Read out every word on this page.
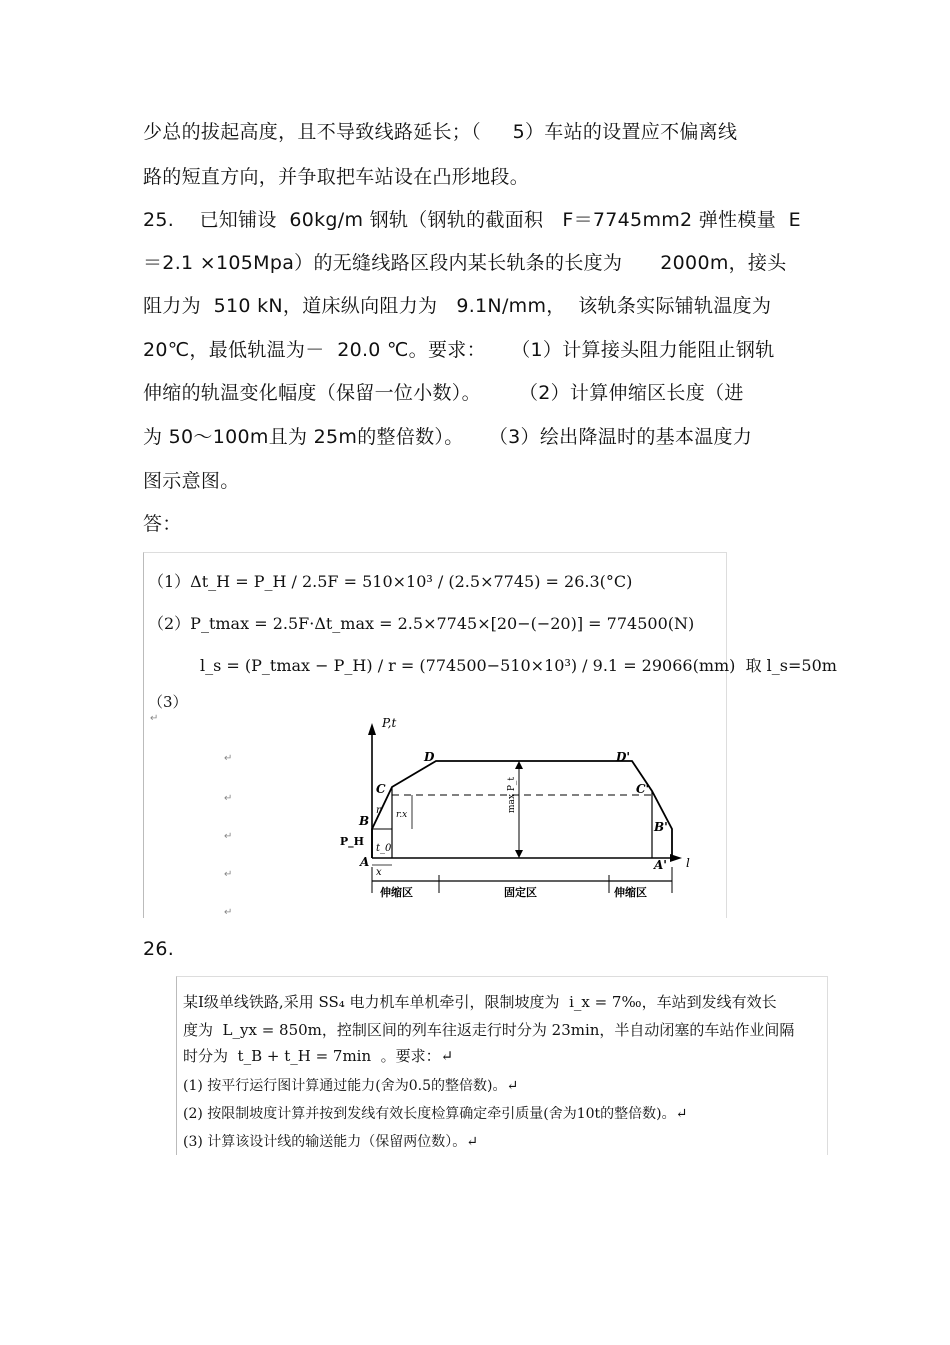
少总的拔起高度，且不导致线路延长；（     5）车站的设置应不偏离线
路的短直方向，并争取把车站设在凸形地段。
25.    已知铺设  60kg/m 钢轨（钢轨的截面积   F＝7745mm2 弹性模量  E
＝2.1 ×105Mpa）的无缝线路区段内某长轨条的长度为      2000m，接头
阻力为  510 kN，道床纵向阻力为   9.1N/mm，  该轨条实际铺轨温度为
20℃，最低轨温为－  20.0 ℃。要求：    （1）计算接头阻力能阻止钢轨
伸缩的轨温变化幅度（保留一位小数）。      （2）计算伸缩区长度（进
为 50～100m且为 25m的整倍数）。    （3）绘出降温时的基本温度力
图示意图。
答：
（1）Δt_H = P_H / 2.5F = 510×10³ / (2.5×7745) = 26.3(°C)
（2）P_tmax = 2.5F·Δt_max = 2.5×7745×[20−(−20)] = 774500(N)
l_s = (P_tmax − P_H) / r = (774500−510×10³) / 9.1 = 29066(mm)  取 l_s=50m
（3）
↵
↵
↵
↵
↵
↵
P,t
l
A
B
C
D	D'
C'
B'
A'
P_H
r r.x
t_0
x
max P_t
伸缩区	固定区	伸缩区
26.
某Ⅰ级单线铁路,采用 SS₄ 电力机车单机牵引，限制坡度为  i_x = 7‰，车站到发线有效长
度为  L_yx = 850m，控制区间的列车往返走行时分为 23min，半自动闭塞的车站作业间隔
时分为  t_B + t_H = 7min  。要求：↵
(1) 按平行运行图计算通过能力(舍为0.5的整倍数)。↵
(2) 按限制坡度计算并按到发线有效长度检算确定牵引质量(舍为10t的整倍数)。↵
(3) 计算该设计线的输送能力（保留两位数）。↵
